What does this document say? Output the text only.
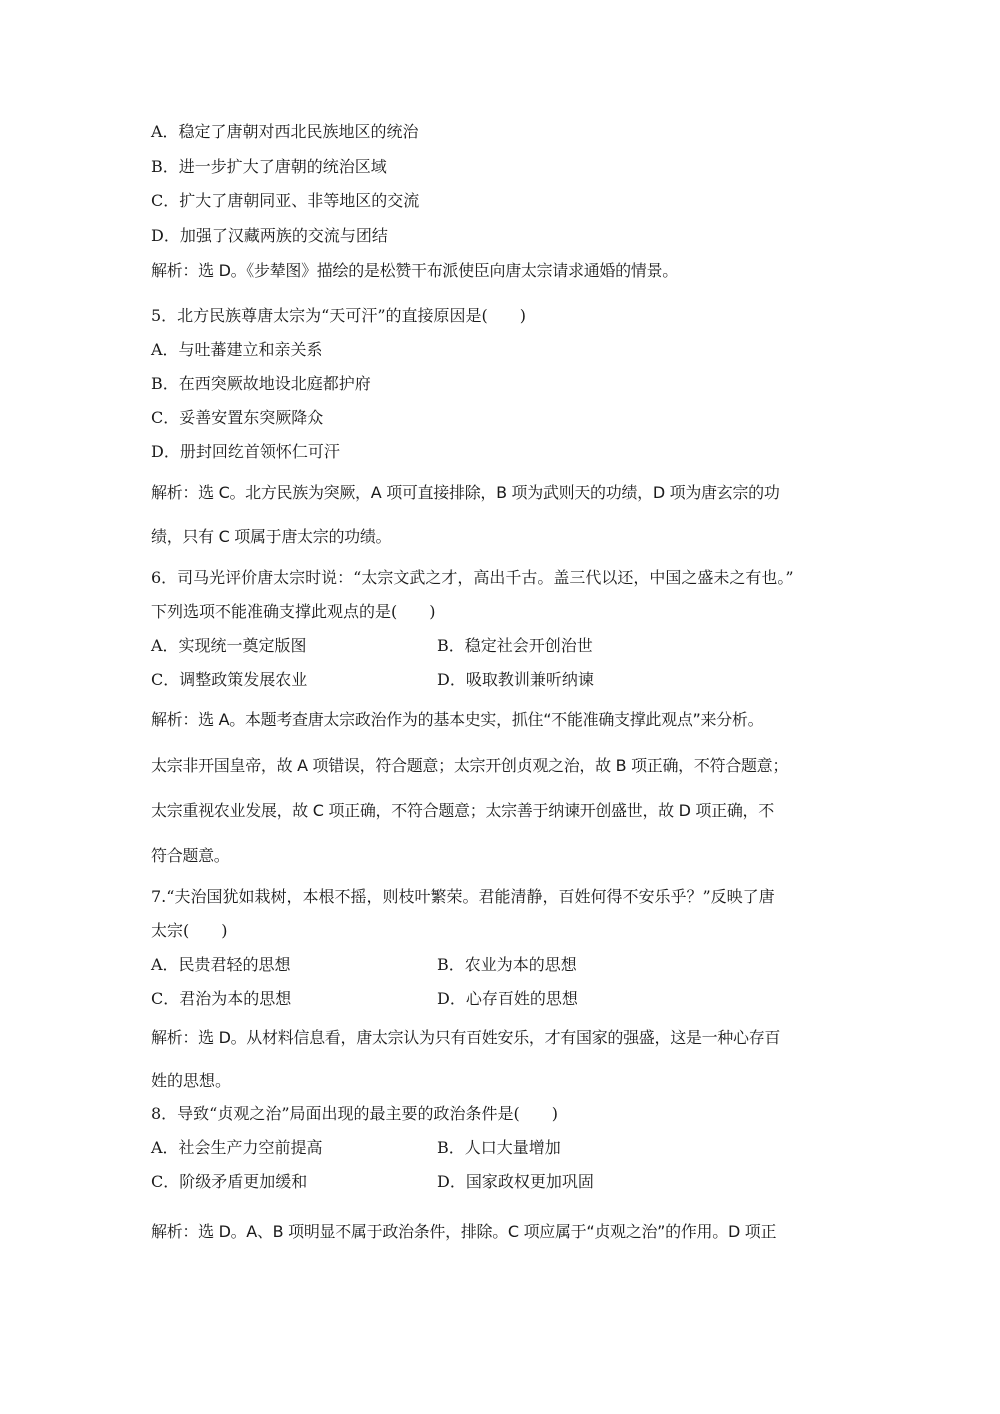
A．稳定了唐朝对西北民族地区的统治
B．进一步扩大了唐朝的统治区域
C．扩大了唐朝同亚、非等地区的交流
D．加强了汉藏两族的交流与团结
解析：选 D。《步辇图》描绘的是松赞干布派使臣向唐太宗请求通婚的情景。
5．北方民族尊唐太宗为“天可汗”的直接原因是(　　)
A．与吐蕃建立和亲关系
B．在西突厥故地设北庭都护府
C．妥善安置东突厥降众
D．册封回纥首领怀仁可汗
解析：选 C。北方民族为突厥，A 项可直接排除，B 项为武则天的功绩，D 项为唐玄宗的功
绩，只有 C 项属于唐太宗的功绩。
6．司马光评价唐太宗时说：“太宗文武之才，高出千古。盖三代以还，中国之盛未之有也。”
下列选项不能准确支撑此观点的是(　　)
A．实现统一奠定版图	B．稳定社会开创治世
C．调整政策发展农业	D．吸取教训兼听纳谏
解析：选 A。本题考查唐太宗政治作为的基本史实，抓住“不能准确支撑此观点”来分析。
太宗非开国皇帝，故 A 项错误，符合题意；太宗开创贞观之治，故 B 项正确，不符合题意；
太宗重视农业发展，故 C 项正确，不符合题意；太宗善于纳谏开创盛世，故 D 项正确，不
符合题意。
7.“夫治国犹如栽树，本根不摇，则枝叶繁荣。君能清静，百姓何得不安乐乎？”反映了唐
太宗(　　)
A．民贵君轻的思想	B．农业为本的思想
C．君治为本的思想	D．心存百姓的思想
解析：选 D。从材料信息看，唐太宗认为只有百姓安乐，才有国家的强盛，这是一种心存百
姓的思想。
8．导致“贞观之治”局面出现的最主要的政治条件是(　　)
A．社会生产力空前提高	B．人口大量增加
C．阶级矛盾更加缓和	D．国家政权更加巩固
解析：选 D。A、B 项明显不属于政治条件，排除。C 项应属于“贞观之治”的作用。D 项正
